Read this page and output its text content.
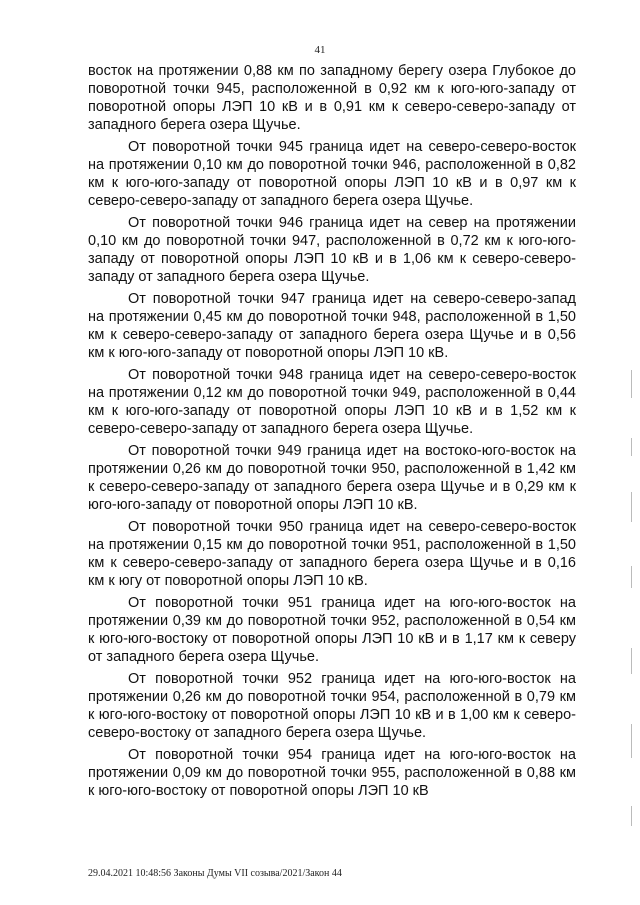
41

восток на протяжении 0,88 км по западному берегу озера Глубокое до поворотной точки 945, расположенной в 0,92 км к юго-юго-западу от поворотной опоры ЛЭП 10 кВ и в 0,91 км к северо-северо-западу от западного берега озера Щучье.

От поворотной точки 945 граница идет на северо-северо-восток на протяжении 0,10 км до поворотной точки 946, расположенной в 0,82 км к юго-юго-западу от поворотной опоры ЛЭП 10 кВ и в 0,97 км к северо-северо-западу от западного берега озера Щучье.

От поворотной точки 946 граница идет на север на протяжении 0,10 км до поворотной точки 947, расположенной в 0,72 км к юго-юго-западу от поворотной опоры ЛЭП 10 кВ и в 1,06 км к северо-северо-западу от западного берега озера Щучье.

От поворотной точки 947 граница идет на северо-северо-запад на протяжении 0,45 км до поворотной точки 948, расположенной в 1,50 км к северо-северо-западу от западного берега озера Щучье и в 0,56 км к юго-юго-западу от поворотной опоры ЛЭП 10 кВ.

От поворотной точки 948 граница идет на северо-северо-восток на протяжении 0,12 км до поворотной точки 949, расположенной в 0,44 км к юго-юго-западу от поворотной опоры ЛЭП 10 кВ и в 1,52 км к северо-северо-западу от западного берега озера Щучье.

От поворотной точки 949 граница идет на востоко-юго-восток на протяжении 0,26 км до поворотной точки 950, расположенной в 1,42 км к северо-северо-западу от западного берега озера Щучье и в 0,29 км к юго-юго-западу от поворотной опоры ЛЭП 10 кВ.

От поворотной точки 950 граница идет на северо-северо-восток на протяжении 0,15 км до поворотной точки 951, расположенной в 1,50 км к северо-северо-западу от западного берега озера Щучье и в 0,16 км к югу от поворотной опоры ЛЭП 10 кВ.

От поворотной точки 951 граница идет на юго-юго-восток на протяжении 0,39 км до поворотной точки 952, расположенной в 0,54 км к юго-юго-востоку от поворотной опоры ЛЭП 10 кВ и в 1,17 км к северу от западного берега озера Щучье.

От поворотной точки 952 граница идет на юго-юго-восток на протяжении 0,26 км до поворотной точки 954, расположенной в 0,79 км к юго-юго-востоку от поворотной опоры ЛЭП 10 кВ и в 1,00 км к северо-северо-востоку от западного берега озера Щучье.

От поворотной точки 954 граница идет на юго-юго-восток на протяжении 0,09 км до поворотной точки 955, расположенной в 0,88 км к юго-юго-востоку от поворотной опоры ЛЭП 10 кВ

29.04.2021 10:48:56 Законы Думы VII созыва/2021/Закон 44
